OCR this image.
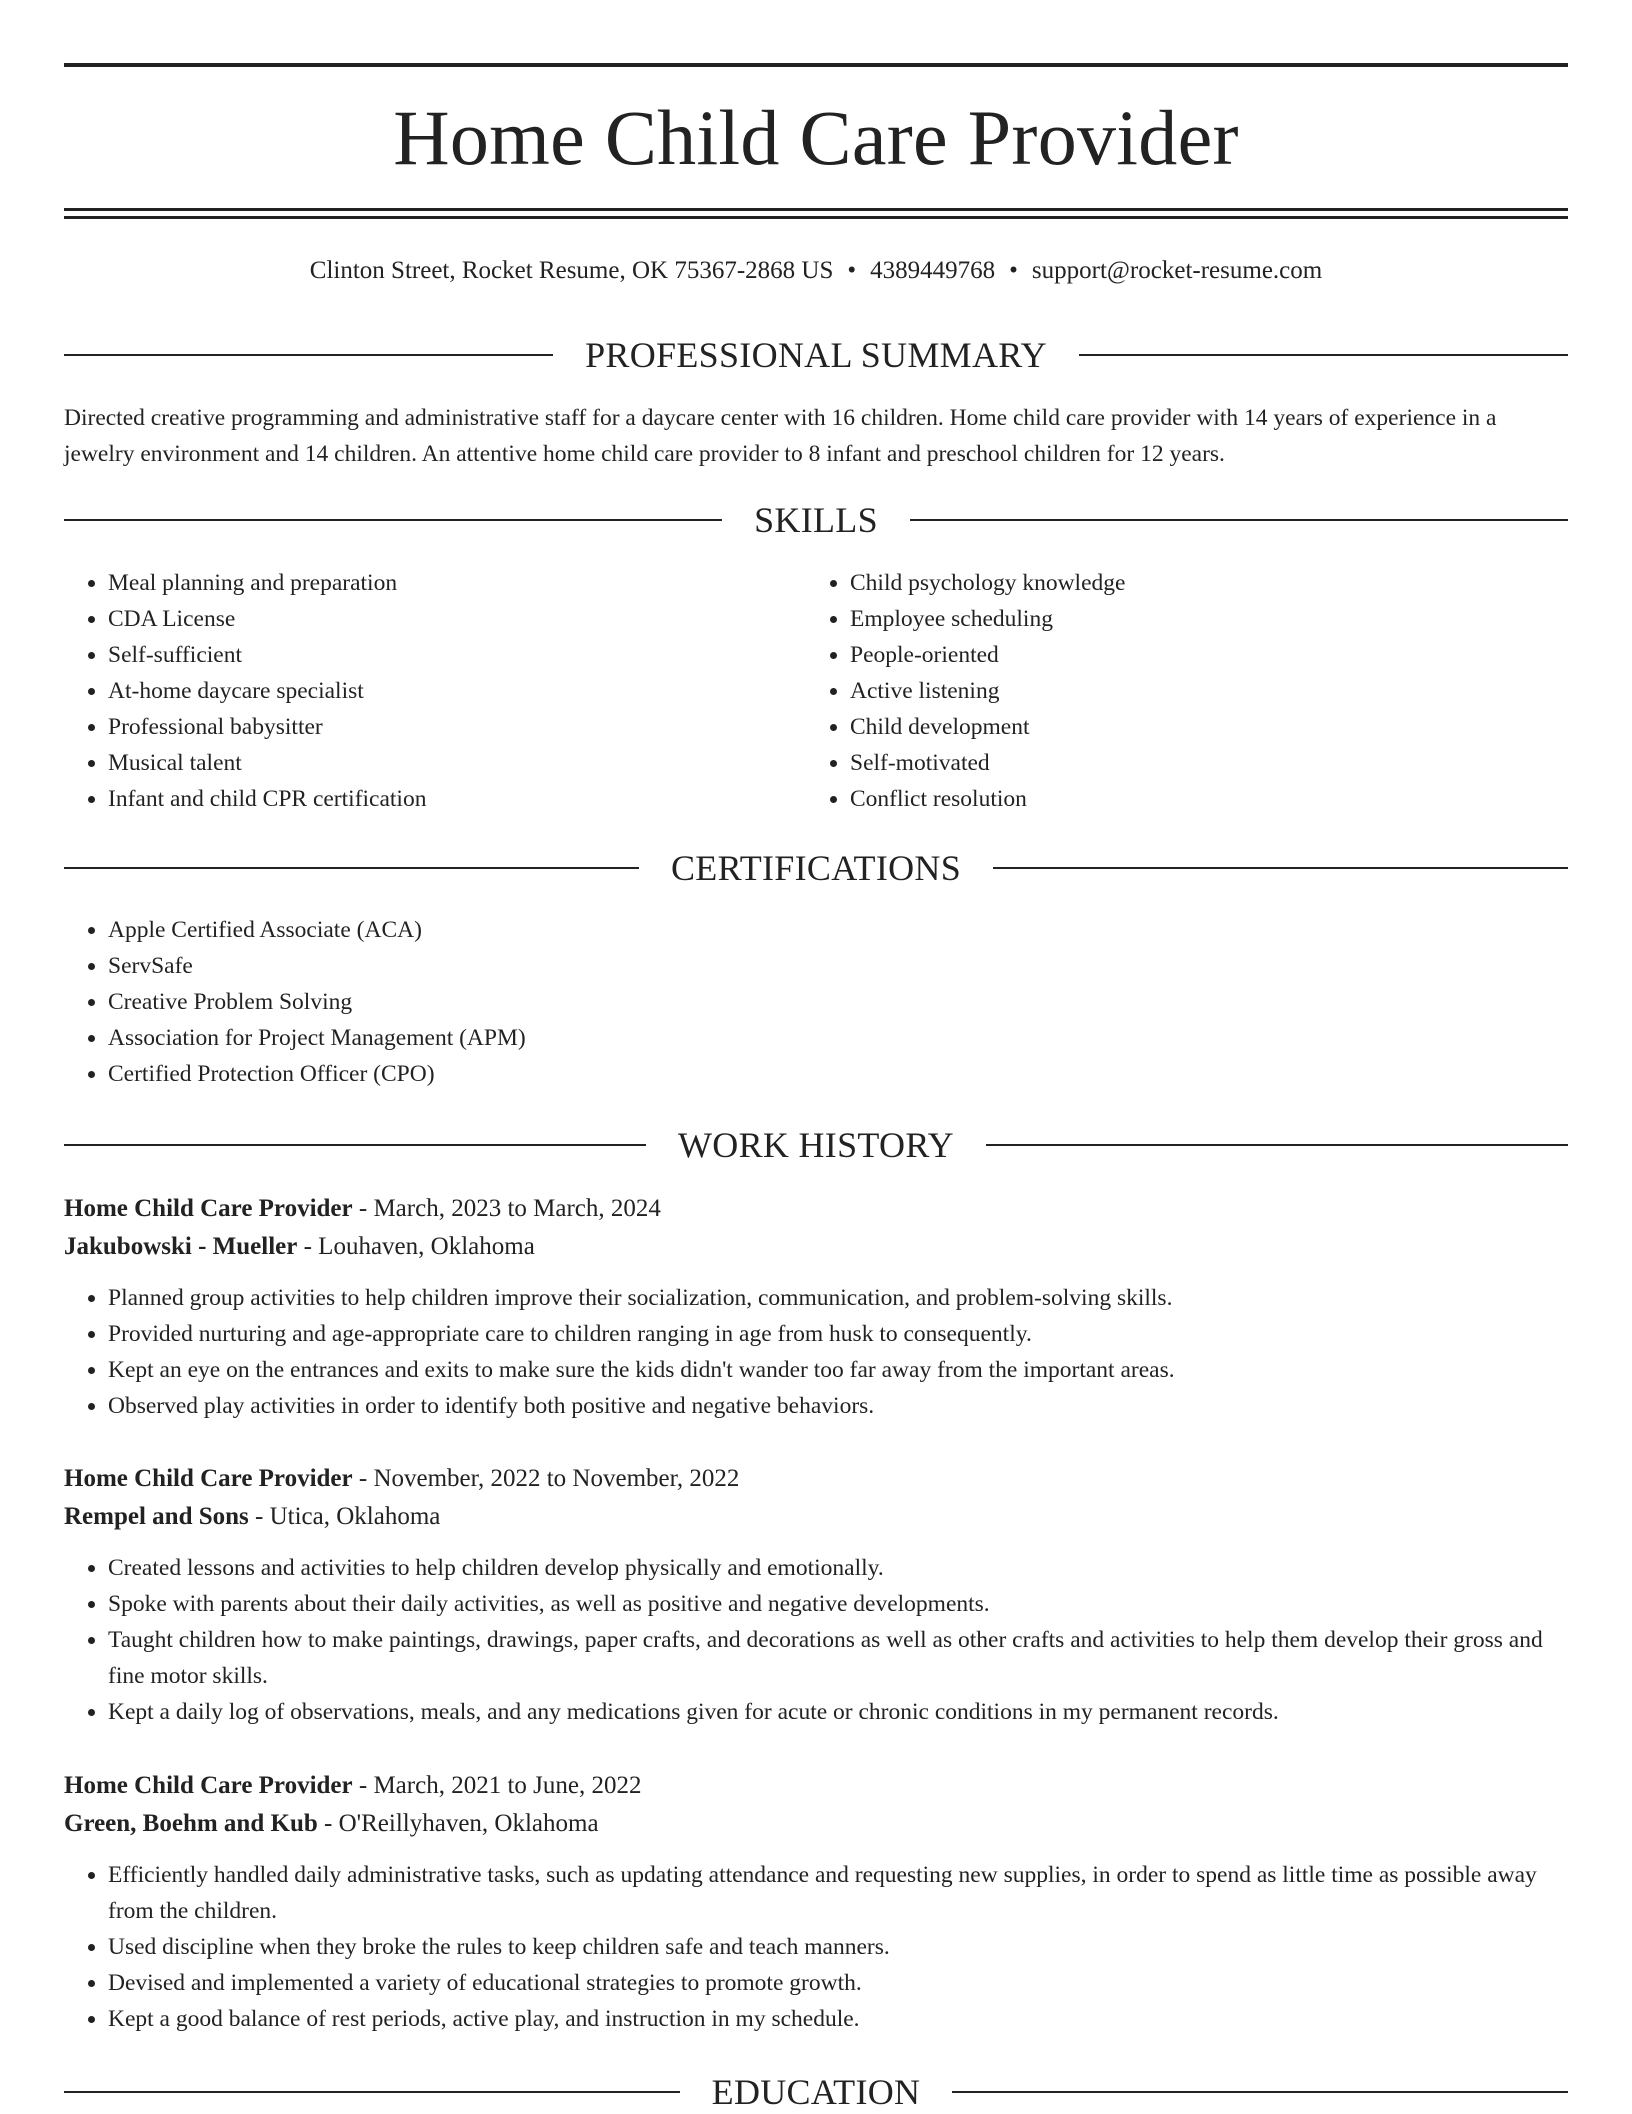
Home Child Care Provider
Clinton Street, Rocket Resume, OK 75367-2868 US • 4389449768 • support@rocket-resume.com
PROFESSIONAL SUMMARY
Directed creative programming and administrative staff for a daycare center with 16 children. Home child care provider with 14 years of experience in a jewelry environment and 14 children. An attentive home child care provider to 8 infant and preschool children for 12 years.
SKILLS
• Meal planning and preparation
• CDA License
• Self-sufficient
• At-home daycare specialist
• Professional babysitter
• Musical talent
• Infant and child CPR certification
• Child psychology knowledge
• Employee scheduling
• People-oriented
• Active listening
• Child development
• Self-motivated
• Conflict resolution
CERTIFICATIONS
• Apple Certified Associate (ACA)
• ServSafe
• Creative Problem Solving
• Association for Project Management (APM)
• Certified Protection Officer (CPO)
WORK HISTORY
Home Child Care Provider - March, 2023 to March, 2024
Jakubowski - Mueller - Louhaven, Oklahoma
• Planned group activities to help children improve their socialization, communication, and problem-solving skills.
• Provided nurturing and age-appropriate care to children ranging in age from husk to consequently.
• Kept an eye on the entrances and exits to make sure the kids didn't wander too far away from the important areas.
• Observed play activities in order to identify both positive and negative behaviors.
Home Child Care Provider - November, 2022 to November, 2022
Rempel and Sons - Utica, Oklahoma
• Created lessons and activities to help children develop physically and emotionally.
• Spoke with parents about their daily activities, as well as positive and negative developments.
• Taught children how to make paintings, drawings, paper crafts, and decorations as well as other crafts and activities to help them develop their gross and fine motor skills.
• Kept a daily log of observations, meals, and any medications given for acute or chronic conditions in my permanent records.
Home Child Care Provider - March, 2021 to June, 2022
Green, Boehm and Kub - O'Reillyhaven, Oklahoma
• Efficiently handled daily administrative tasks, such as updating attendance and requesting new supplies, in order to spend as little time as possible away from the children.
• Used discipline when they broke the rules to keep children safe and teach manners.
• Devised and implemented a variety of educational strategies to promote growth.
• Kept a good balance of rest periods, active play, and instruction in my schedule.
EDUCATION
